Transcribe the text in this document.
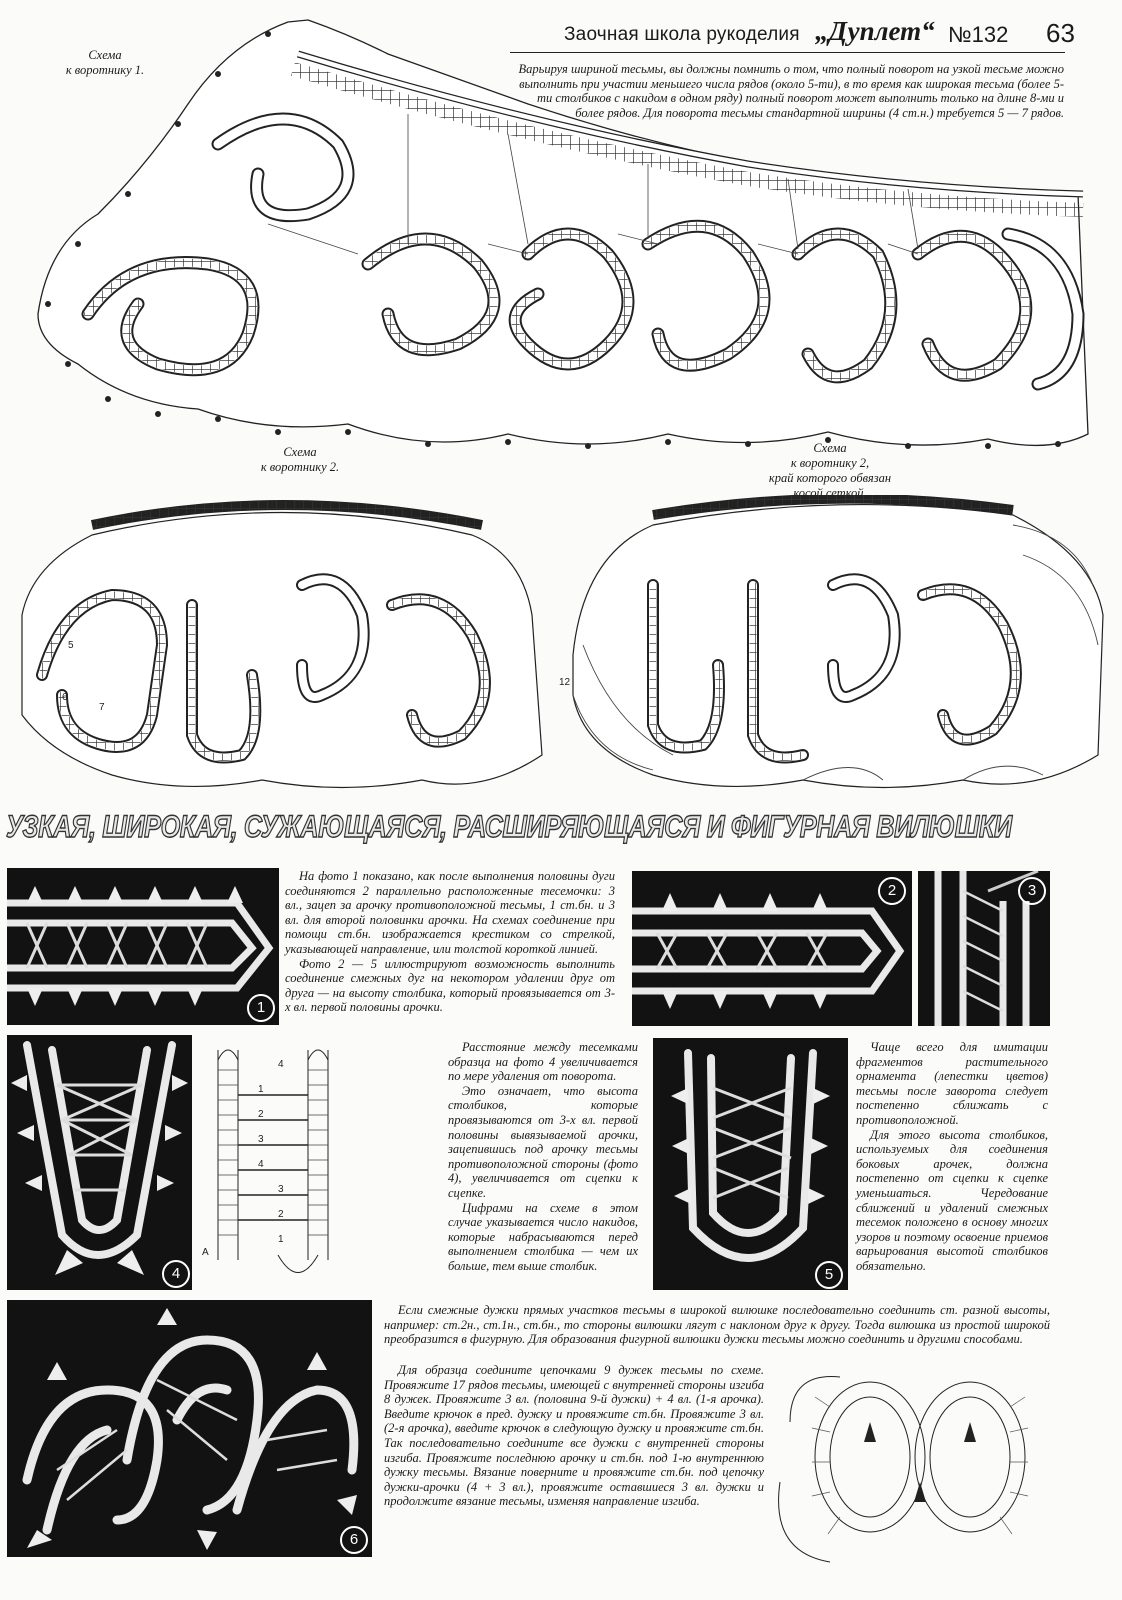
Заочная школа рукоделия „Дуплет“ №132 63
Схема
к воротнику 1.	Варьируя шириной тесьмы, вы должны помнить о том, что полный поворот на узкой тесьме можно выполнить при участии меньшего числа рядов (около 5-ти), в то время как широкая тесьма (более 5-ти столбиков с накидом в одном ряду) полный поворот может выполнить только на длине 8-ми и более рядов. Для поворота тесьмы стандартной ширины (4 ст.н.) требуется 5 — 7 рядов.

Схема
к воротнику 2.
Схема
к воротнику 2,
край которого обвязан
косой сеткой.
5
7
6
12
УЗКАЯ, ШИРОКАЯ, СУЖАЮЩАЯСЯ, РАСШИРЯЮЩАЯСЯ И ФИГУРНАЯ ВИЛЮШКИ
1

На фото 1 показано, как после выполнения половины дуги соединяются 2 параллельно расположенные тесемочки: 3 вл., зацеп за арочку противоположной тесьмы, 1 ст.бн. и 3 вл. для второй половинки арочки. На схемах соединение при помощи ст.бн. изображается крестиком со стрелкой, указывающей направление, или толстой короткой линией.

Фото 2 — 5 иллюстрируют возможность выполнить соединение смежных дуг на некотором удалении друг от друга — на высоту столбика, который провязывается от 3-х вл. первой половины арочки.

2	3
4
1
2
3
4
3
2
1
4
А

Расстояние между тесемками образца на фото 4 увеличивается по мере удаления от поворота.

Это означает, что высота столбиков, которые провязываются от 3-х вл. первой половины вывязываемой арочки, зацепившись под арочку тесьмы противоположной стороны (фото 4), увеличивается от сцепки к сцепке.

Цифрами на схеме в этом случае указывается число накидов, которые набрасываются перед выполнением столбика — чем их больше, тем выше столбик.

5

Чаще всего для имитации фрагментов растительного орнамента (лепестки цветов) тесьмы после заворота следует постепенно сближать с противоположной.

Для этого высота столбиков, используемых для соединения боковых арочек, должна постепенно от сцепки к сцепке уменьшаться. Чередование сближений и удалений смежных тесемок положено в основу многих узоров и поэтому освоение приемов варьирования высотой столбиков обязательно.

6

Если смежные дужки прямых участков тесьмы в широкой вилюшке последовательно соединить ст. разной высоты, например: ст.2н., ст.1н., ст.бн., то стороны вилюшки лягут с наклоном друг к другу. Тогда вилюшка из простой широкой преобразится в фигурную. Для образования фигурной вилюшки дужки тесьмы можно соединить и другими способами.

Для образца соедините цепочками 9 дужек тесьмы по схеме. Провяжите 17 рядов тесьмы, имеющей с внутренней стороны изгиба 8 дужек. Провяжите 3 вл. (половина 9-й дужки) + 4 вл. (1-я арочка). Введите крючок в пред. дужку и провяжите ст.бн. Провяжите 3 вл. (2-я арочка), введите крючок в следующую дужку и провяжите ст.бн. Так последовательно соедините все дужки с внутренней стороны изгиба. Провяжите последнюю арочку и ст.бн. под 1-ю внутреннюю дужку тесьмы. Вязание поверните и провяжите ст.бн. под цепочку дужки-арочки (4 + 3 вл.), провяжите оставшиеся 3 вл. дужки и продолжите вязание тесьмы, изменяя направление изгиба.
